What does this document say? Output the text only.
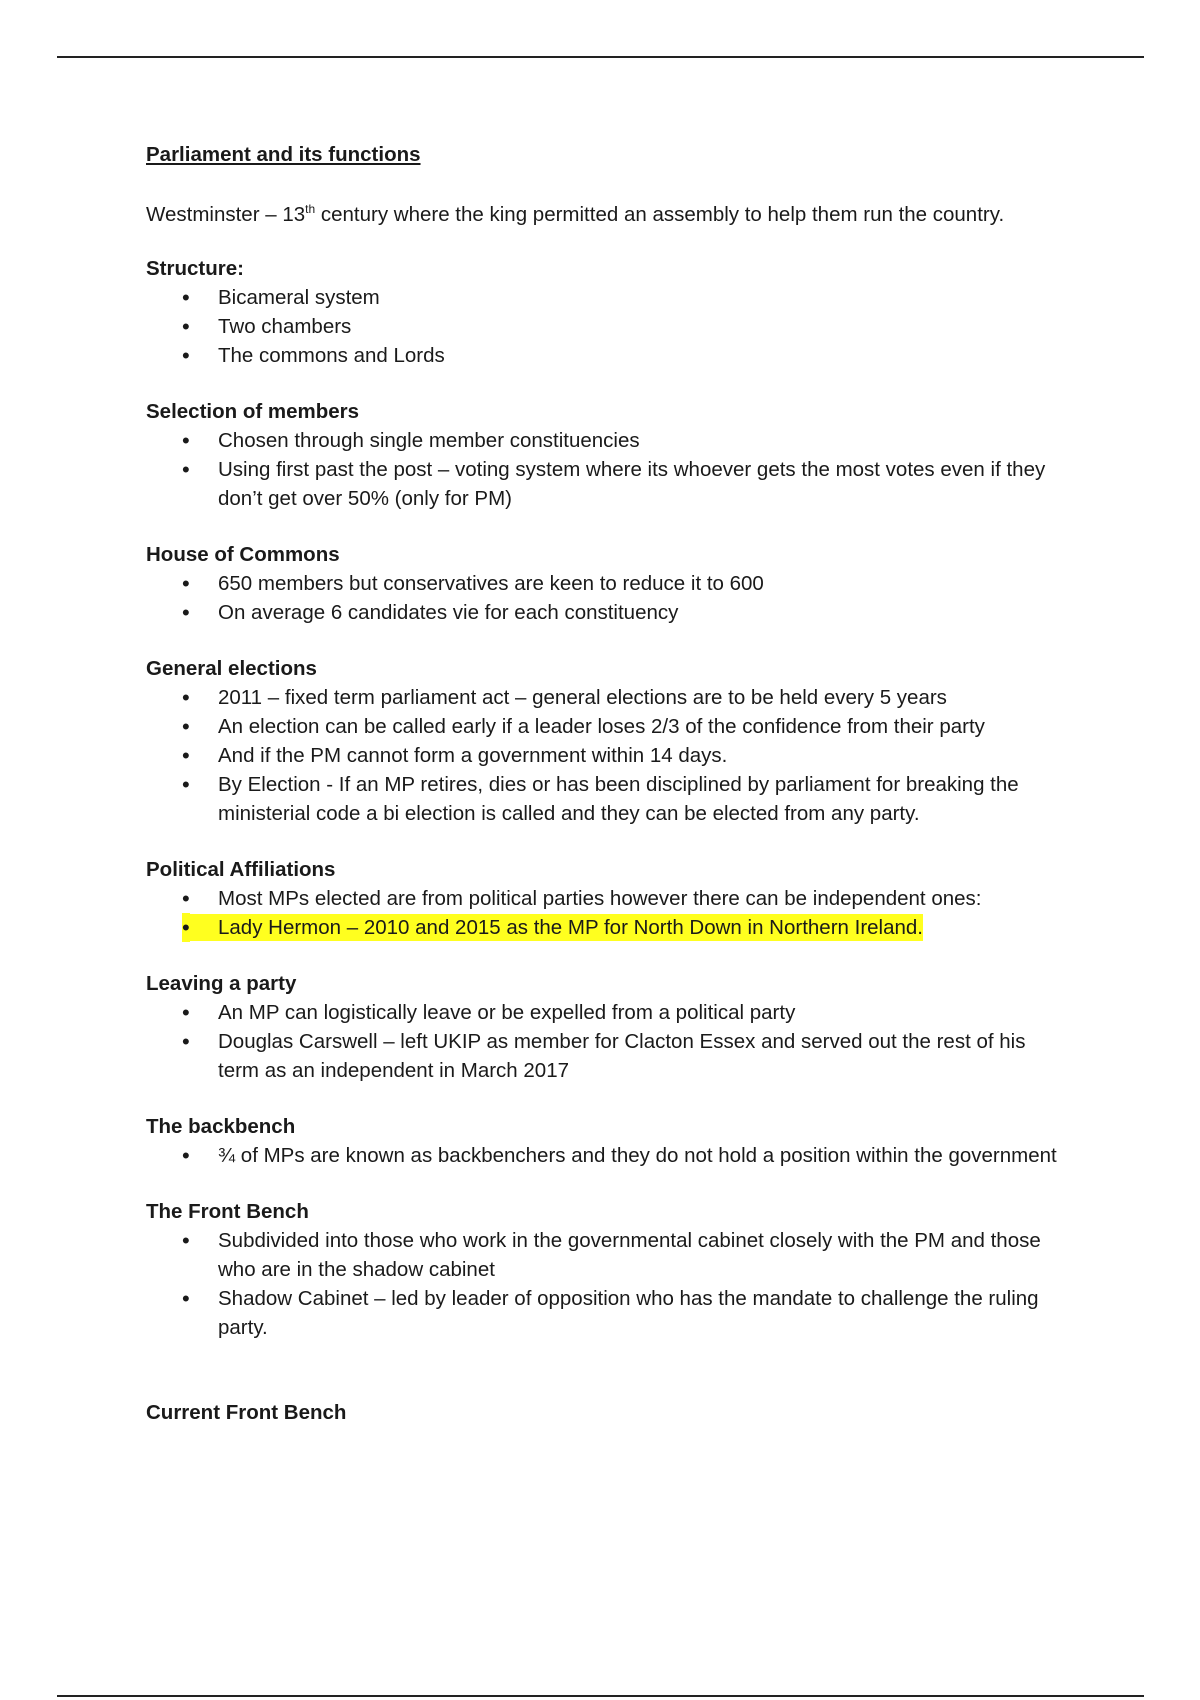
Parliament and its functions

Westminster – 13th century where the king permitted an assembly to help them run the country.

Structure:

• Bicameral system
• Two chambers
• The commons and Lords

Selection of members

• Chosen through single member constituencies
• Using first past the post – voting system where its whoever gets the most votes even if they don’t get over 50% (only for PM)

House of Commons

• 650 members but conservatives are keen to reduce it to 600
• On average 6 candidates vie for each constituency

General elections

• 2011 – fixed term parliament act – general elections are to be held every 5 years
• An election can be called early if a leader loses 2/3 of the confidence from their party
• And if the PM cannot form a government within 14 days.
• By Election - If an MP retires, dies or has been disciplined by parliament for breaking the ministerial code a bi election is called and they can be elected from any party.

Political Affiliations

• Most MPs elected are from political parties however there can be independent ones:
• Lady Hermon – 2010 and 2015 as the MP for North Down in Northern Ireland.

Leaving a party

• An MP can logistically leave or be expelled from a political party
• Douglas Carswell – left UKIP as member for Clacton Essex and served out the rest of his term as an independent in March 2017

The backbench

• ¾ of MPs are known as backbenchers and they do not hold a position within the government

The Front Bench

• Subdivided into those who work in the governmental cabinet closely with the PM and those who are in the shadow cabinet
• Shadow Cabinet – led by leader of opposition who has the mandate to challenge the ruling party.

Current Front Bench
